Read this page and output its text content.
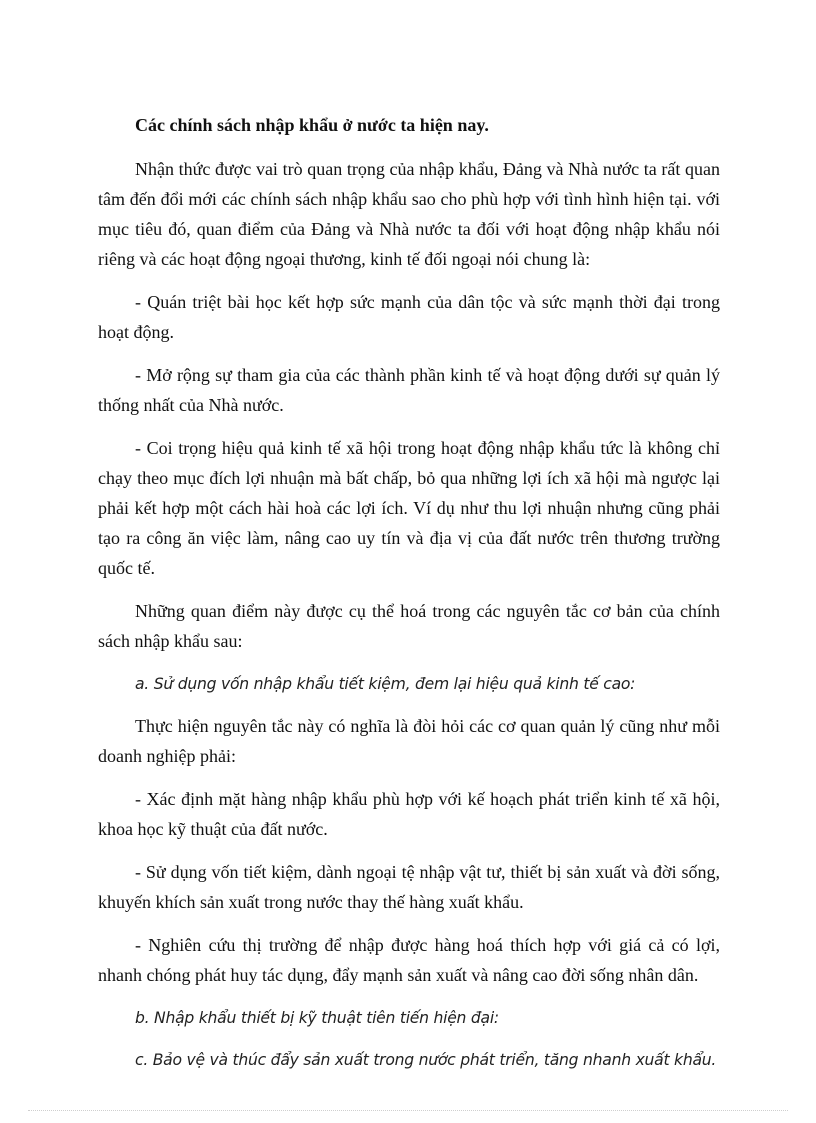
Các chính sách nhập khẩu ở nước ta hiện nay.

Nhận thức được vai trò quan trọng của nhập khẩu, Đảng và Nhà nước ta rất quan tâm đến đổi mới các chính sách nhập khẩu sao cho phù hợp với tình hình hiện tại. với mục tiêu đó, quan điểm của Đảng và Nhà nước ta đối với hoạt động nhập khẩu nói riêng và các hoạt động ngoại thương, kinh tế đối ngoại nói chung là:

- Quán triệt bài học kết hợp sức mạnh của dân tộc và sức mạnh thời đại trong hoạt động.

- Mở rộng sự tham gia của các thành phần kinh tế và hoạt động dưới sự quản lý thống nhất của Nhà nước.

- Coi trọng hiệu quả kinh tế xã hội trong hoạt động nhập khẩu tức là không chỉ chạy theo mục đích lợi nhuận mà bất chấp, bỏ qua những lợi ích xã hội mà ngược lại phải kết hợp một cách hài hoà các lợi ích. Ví dụ như thu lợi nhuận nhưng cũng phải tạo ra công ăn việc làm, nâng cao uy tín và địa vị của đất nước trên thương trường quốc tế.

Những quan điểm này được cụ thể hoá trong các nguyên tắc cơ bản của chính sách nhập khẩu sau:

a. Sử dụng vốn nhập khẩu tiết kiệm, đem lại hiệu quả kinh tế cao:

Thực hiện nguyên tắc này có nghĩa là đòi hỏi các cơ quan quản lý cũng như mỗi doanh nghiệp phải:

- Xác định mặt hàng nhập khẩu phù hợp với kế hoạch phát triển kinh tế xã hội, khoa học kỹ thuật của đất nước.

- Sử dụng vốn tiết kiệm, dành ngoại tệ nhập vật tư, thiết bị sản xuất và đời sống, khuyến khích sản xuất trong nước thay thế hàng xuất khẩu.

- Nghiên cứu thị trường để nhập được hàng hoá thích hợp với giá cả có lợi, nhanh chóng phát huy tác dụng, đẩy mạnh sản xuất và nâng cao đời sống nhân dân.

b. Nhập khẩu thiết bị kỹ thuật tiên tiến hiện đại:

c. Bảo vệ và thúc đẩy sản xuất trong nước phát triển, tăng nhanh xuất khẩu.
